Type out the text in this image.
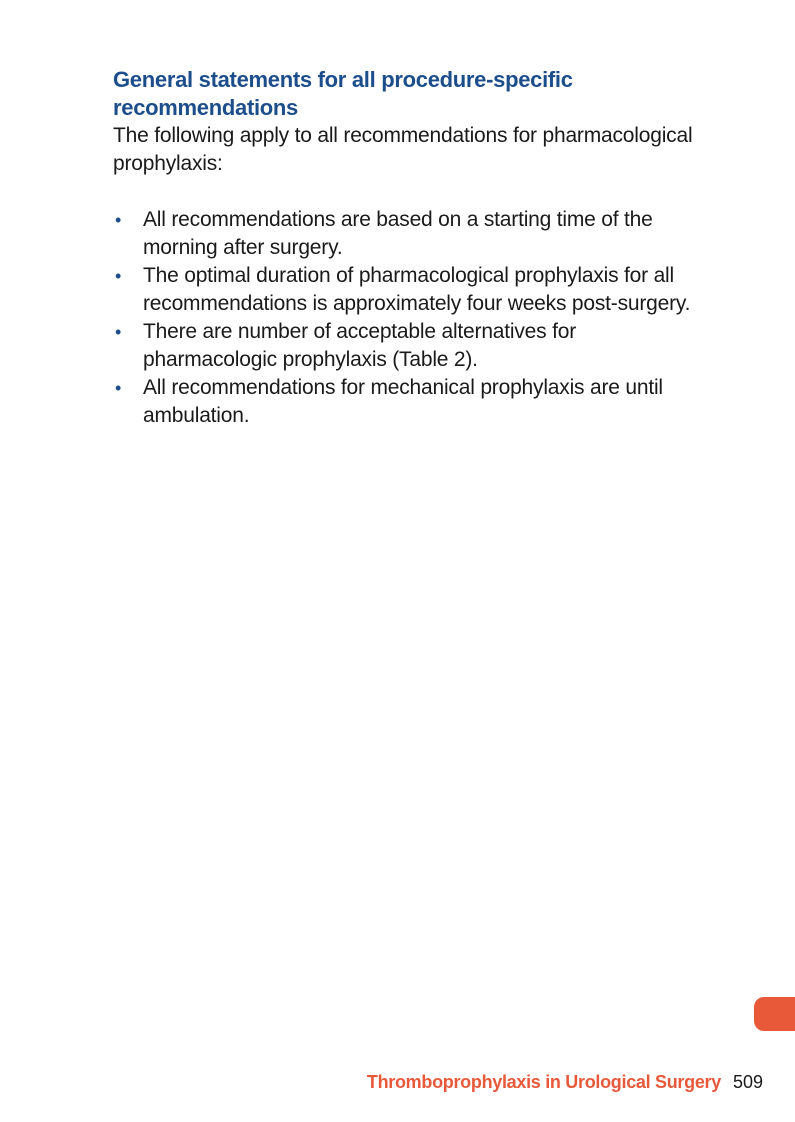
General statements for all procedure-specific recommendations

The following apply to all recommendations for pharmacological prophylaxis:

• All recommendations are based on a starting time of the morning after surgery.
• The optimal duration of pharmacological prophylaxis for all recommendations is approximately four weeks post-surgery.
• There are number of acceptable alternatives for pharmacologic prophylaxis (Table 2).
• All recommendations for mechanical prophylaxis are until ambulation.
Thromboprophylaxis in Urological Surgery 509
